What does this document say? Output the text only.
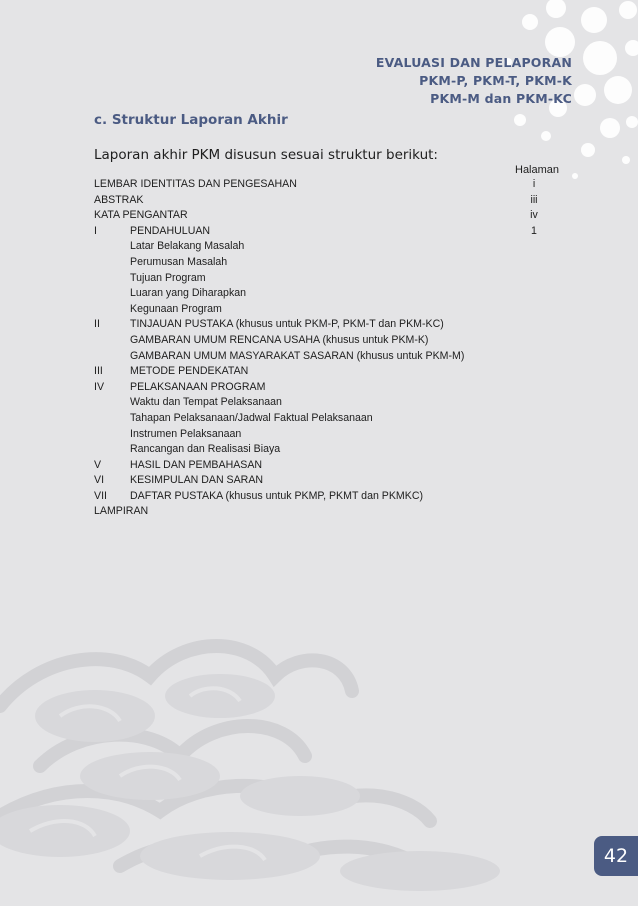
EVALUASI DAN PELAPORAN
PKM-P, PKM-T, PKM-K
PKM-M dan PKM-KC
c. Struktur Laporan Akhir
Laporan akhir PKM disusun sesuai struktur berikut:
Halaman
LEMBAR IDENTITAS DAN PENGESAHAN	i
ABSTRAK	iii
KATA PENGANTAR	iv
I	PENDAHULUAN	1
Latar Belakang Masalah
Perumusan Masalah
Tujuan Program
Luaran yang Diharapkan
Kegunaan Program
II	TINJAUAN PUSTAKA (khusus untuk PKM-P, PKM-T dan PKM-KC)
GAMBARAN UMUM RENCANA USAHA (khusus untuk PKM-K)
GAMBARAN UMUM MASYARAKAT SASARAN (khusus untuk PKM-M)
III	METODE PENDEKATAN
IV PELAKSANAAN PROGRAM
Waktu dan Tempat Pelaksanaan
Tahapan Pelaksanaan/Jadwal Faktual Pelaksanaan
Instrumen Pelaksanaan
Rancangan dan Realisasi Biaya
V	HASIL DAN PEMBAHASAN
VI KESIMPULAN DAN SARAN
VII DAFTAR PUSTAKA (khusus untuk PKMP, PKMT dan PKMKC)
LAMPIRAN
42
